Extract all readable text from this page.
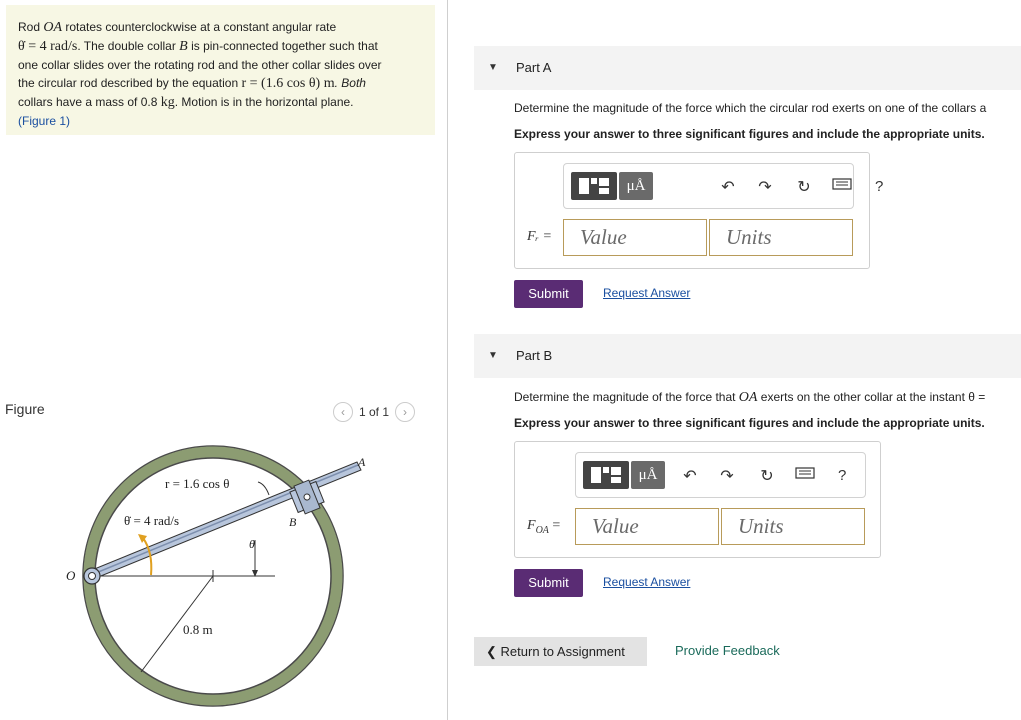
Rod OA rotates counterclockwise at a constant angular rate
θ̇ = 4 rad/s. The double collar B is pin-connected together such that
one collar slides over the rotating rod and the other collar slides over
the circular rod described by the equation r = (1.6 cos θ) m. Both
collars have a mass of 0.8 kg. Motion is in the horizontal plane.
(Figure 1)
Figure	‹	1 of 1	›
A
B
O
r = 1.6 cos θ
θ̇ = 4 rad/s
θ
0.8 m
▼ Part A
Determine the magnitude of the force which the circular rod exerts on one of the collars a
Express your answer to three significant figures and include the appropriate units.
μÅ	↶ ↷ ↻	?
Fᵣ =	Value	Units
Submit	Request Answer
▼ Part B
Determine the magnitude of the force that OA exerts on the other collar at the instant θ =
Express your answer to three significant figures and include the appropriate units.
μÅ	↶ ↷ ↻	?
$F_{OA}$ =	Value	Units
Submit	Request Answer
❮ Return to Assignment	Provide Feedback
